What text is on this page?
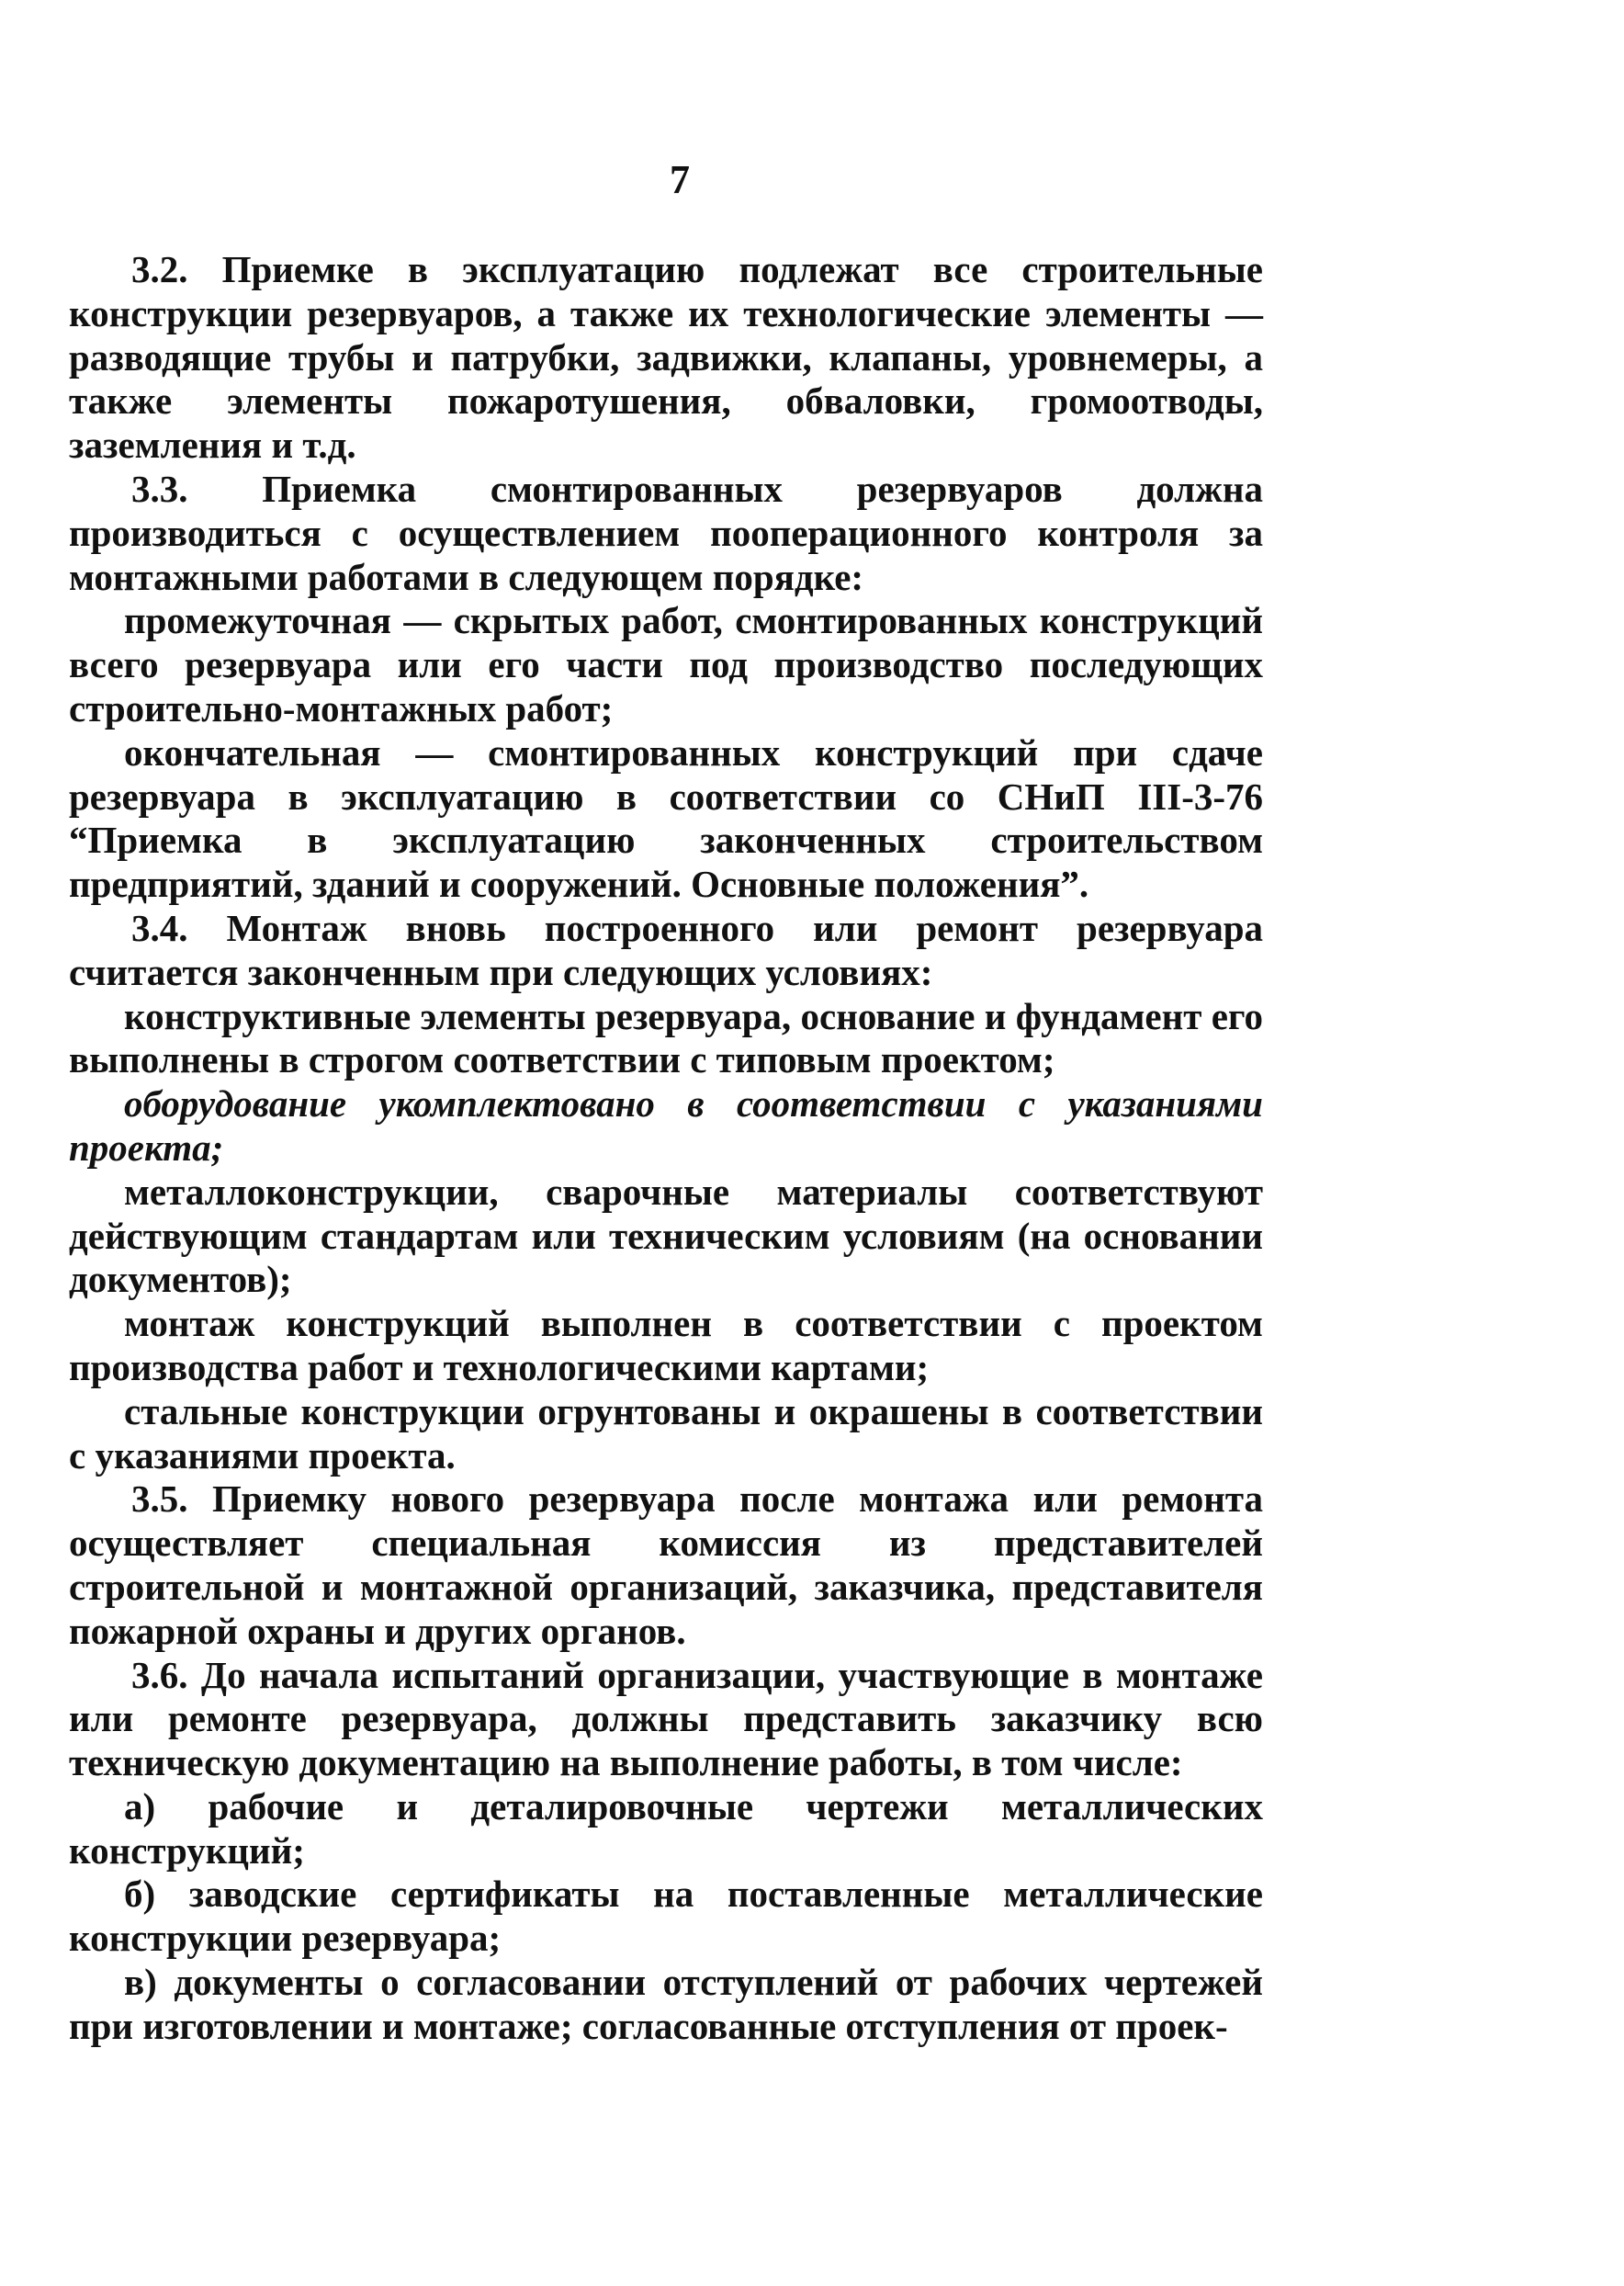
7

3.2. Приемке в эксплуатацию подлежат все строительные конструкции резервуаров, а также их технологические элементы — разводящие трубы и патрубки, задвижки, клапаны, уровнемеры, а также элементы пожаротушения, обваловки, громоотводы, заземления и т.д.

3.3. Приемка смонтированных резервуаров должна производиться с осуществлением пооперационного контроля за монтажными работами в следующем порядке:

промежуточная — скрытых работ, смонтированных конструкций всего резервуара или его части под производство последующих строительно-монтажных работ;

окончательная — смонтированных конструкций при сдаче резервуара в эксплуатацию в соответствии со СНиП III-3-76 “Приемка в эксплуатацию законченных строительством предприятий, зданий и сооружений. Основные положения”.

3.4. Монтаж вновь построенного или ремонт резервуара считается законченным при следующих условиях:

конструктивные элементы резервуара, основание и фундамент его выполнены в строгом соответствии с типовым проектом;

оборудование укомплектовано в соответствии с указаниями проекта;

металлоконструкции, сварочные материалы соответствуют действующим стандартам или техническим условиям (на основании документов);

монтаж конструкций выполнен в соответствии с проектом производства работ и технологическими картами;

стальные конструкции огрунтованы и окрашены в соответствии с указаниями проекта.

3.5. Приемку нового резервуара после монтажа или ремонта осуществляет специальная комиссия из представителей строительной и монтажной организаций, заказчика, представителя пожарной охраны и других органов.

3.6. До начала испытаний организации, участвующие в монтаже или ремонте резервуара, должны представить заказчику всю техническую документацию на выполнение работы, в том числе:

а) рабочие и деталировочные чертежи металлических конструкций;

б) заводские сертификаты на поставленные металлические конструкции резервуара;

в) документы о согласовании отступлений от рабочих чертежей при изготовлении и монтаже; согласованные отступления от проек-
